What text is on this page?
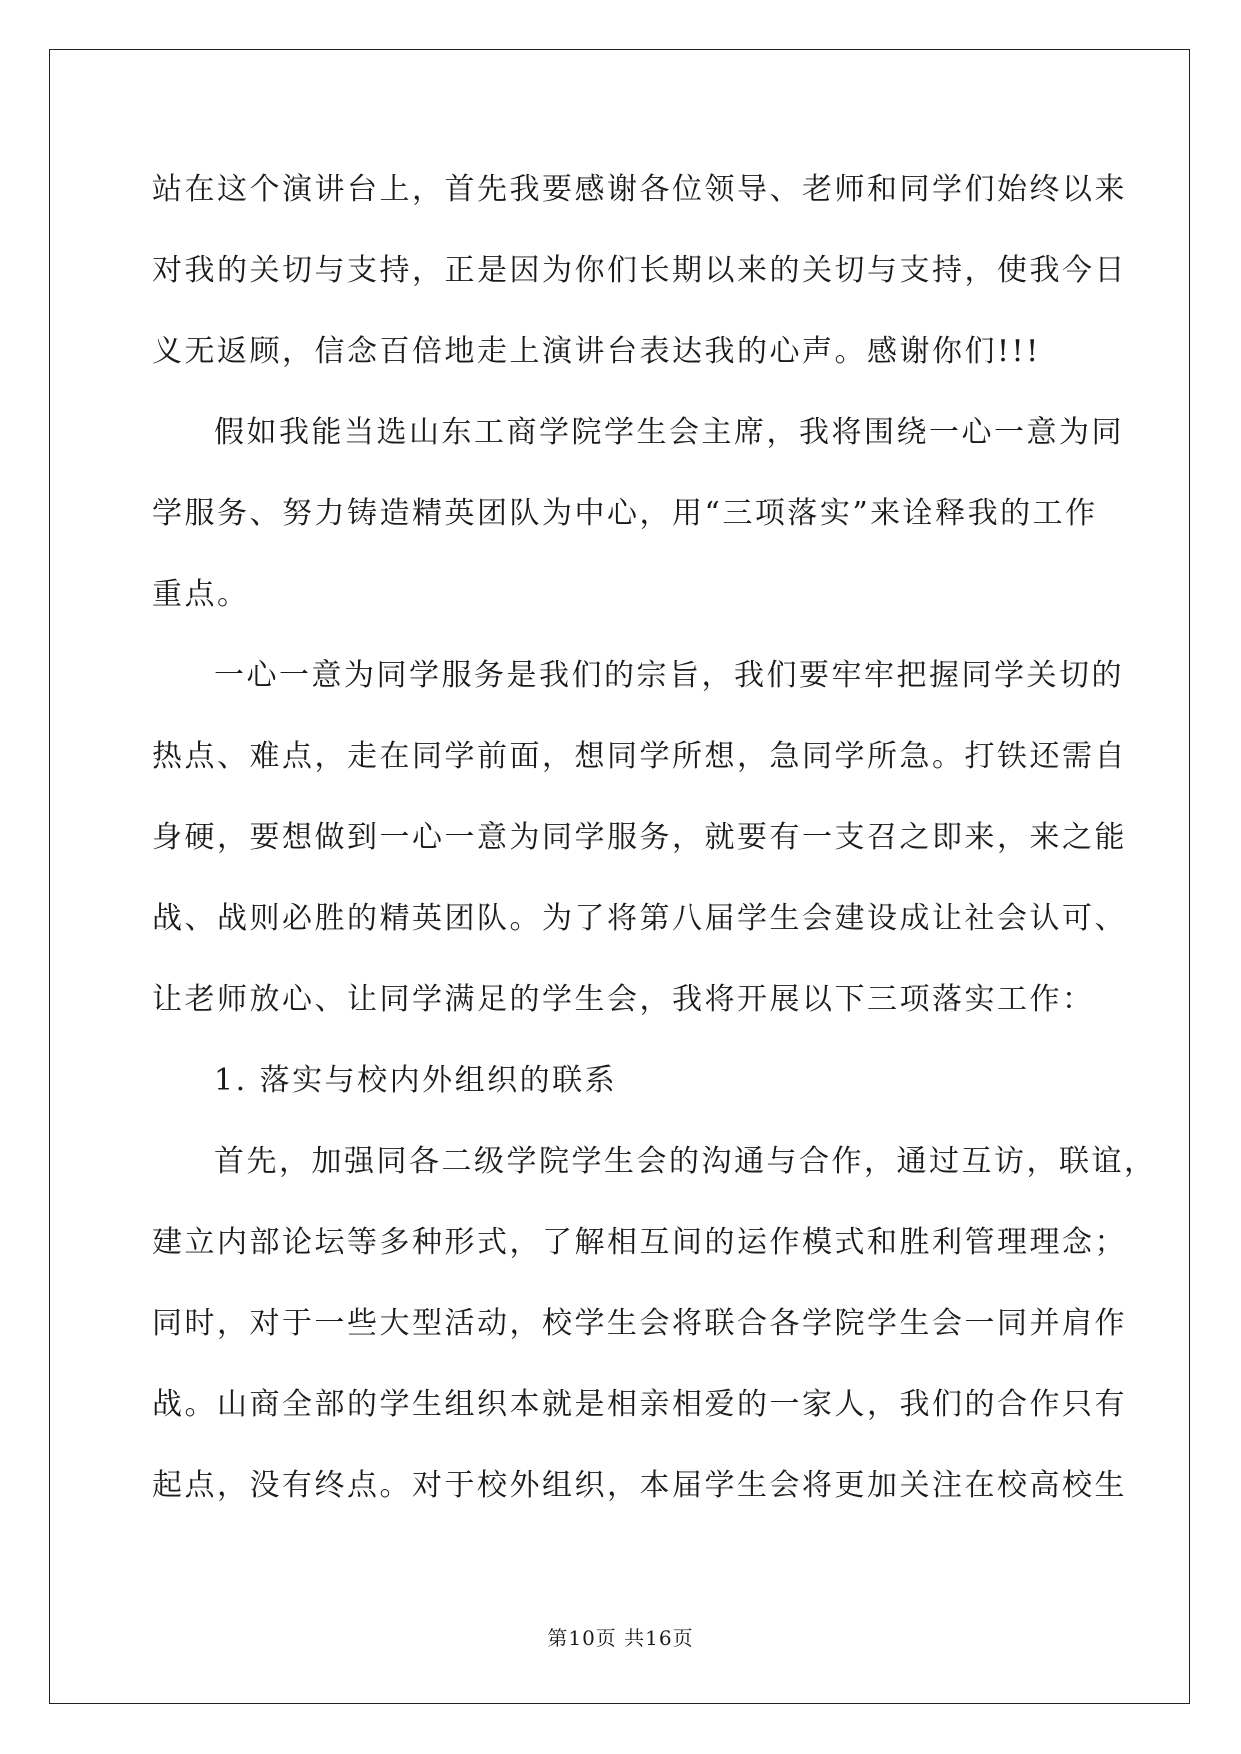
站在这个演讲台上，首先我要感谢各位领导、老师和同学们始终以来
对我的关切与支持，正是因为你们长期以来的关切与支持，使我今日
义无返顾，信念百倍地走上演讲台表达我的心声。感谢你们!!!
假如我能当选山东工商学院学生会主席，我将围绕一心一意为同
学服务、努力铸造精英团队为中心，用“三项落实”来诠释我的工作
重点。
一心一意为同学服务是我们的宗旨，我们要牢牢把握同学关切的
热点、难点，走在同学前面，想同学所想，急同学所急。打铁还需自
身硬，要想做到一心一意为同学服务，就要有一支召之即来，来之能
战、战则必胜的精英团队。为了将第八届学生会建设成让社会认可、
让老师放心、让同学满足的学生会，我将开展以下三项落实工作：
1. 落实与校内外组织的联系
首先，加强同各二级学院学生会的沟通与合作，通过互访，联谊，
建立内部论坛等多种形式，了解相互间的运作模式和胜利管理理念；
同时，对于一些大型活动，校学生会将联合各学院学生会一同并肩作
战。山商全部的学生组织本就是相亲相爱的一家人，我们的合作只有
起点，没有终点。对于校外组织，本届学生会将更加关注在校高校生
第10页 共16页
